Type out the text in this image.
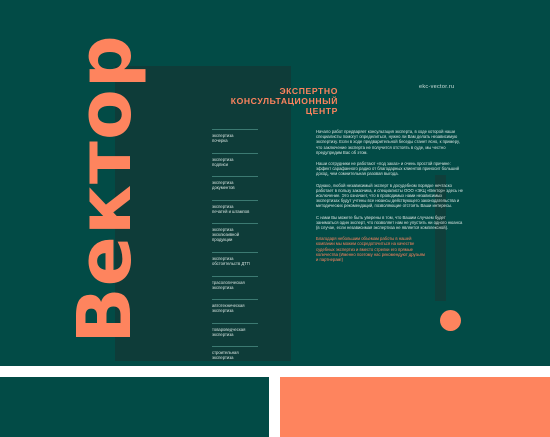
Вектор	ЭКСПЕРТНО
КОНСУЛЬТАЦИОННЫЙ
ЦЕНТР
ekc-vector.ru
экспертиза
почерка
экспертиза
подписи
экспертиза
документов
экспертиза
печатей и штампов
экспертиза
эксклюзивной
продукции
экспертиза
обстоятельств ДТП
трасологическая
экспертиза
автотехническая
экспертиза
товароведческая
экспертиза
строительная
экспертиза

Начало работ предваряет консультация эксперта, в ходе которой наши специалисты помогут определиться, нужно ли Вам делать независимую экспертизу. Если в ходе предварительной беседы станет ясно, к примеру, что заключение эксперта не получится отстоять в суде, мы честно предупредим Вас об этом.

Наши сотрудники не работают «под заказ» и очень простой причине: эффект сарафанного радио от благодарных клиентов приносит больший доход, чем сомнительная разовая выгода.

Однако, любой независимый эксперт в досудебном порядке нечтаско работает в пользу заказчика, и специалисты ООО «ЭКЦ «Вектор» здесь не исключение. Это означает, что в проводимых нами независимых экспертизах будут учтены все нюансы действующего законодательства и методических рекомендаций, позволяющие отстоять Ваши интересы.

С нами Вы можете быть уверены в том, что Вашим случаем будет заниматься один эксперт, что позволяет нам не упустить ни одного нюанса (в случае, если независимая экспертиза не является комплексной).

Благодаря небольшим объемам работы в нашей компании мы можем сосредоточиться на качестве судебных экспертиз и вместо стрелки его прямые количества (Именно поэтому нас рекомендуют друзьям и партнерам!)
